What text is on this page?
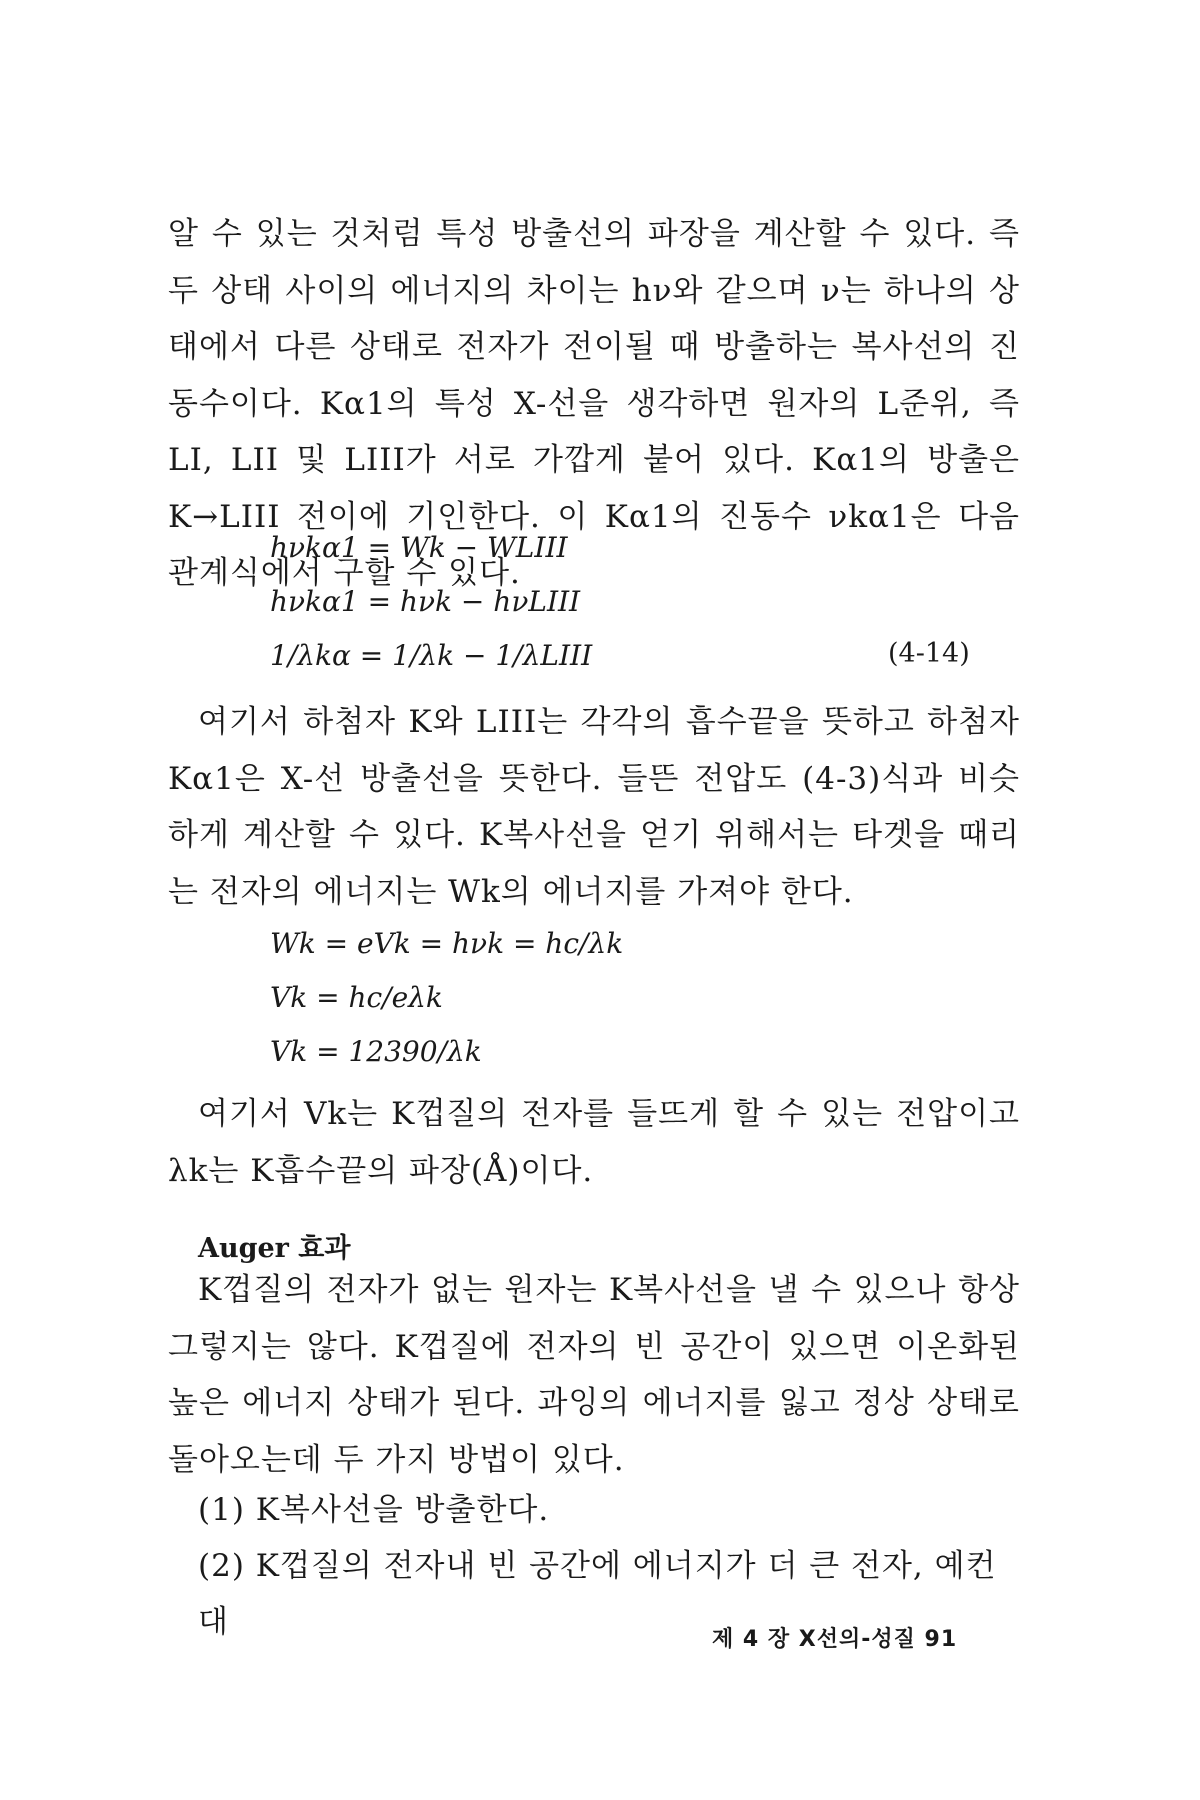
알 수 있는 것처럼 특성 방출선의 파장을 계산할 수 있다. 즉 두 상태 사이의 에너지의 차이는 hν와 같으며 ν는 하나의 상태에서 다른 상태로 전자가 전이될 때 방출하는 복사선의 진동수이다. Kα1의 특성 X-선을 생각하면 원자의 L준위, 즉 LI, LII 및 LIII가 서로 가깝게 붙어 있다. Kα1의 방출은 K→LIII 전이에 기인한다. 이 Kα1의 진동수 νkα1은 다음 관계식에서 구할 수 있다.

hνkα1 = Wk − WLIII
hνkα1 = hνk − hνLIII
1/λkα = 1/λk − 1/λLIII	(4-14)

여기서 하첨자 K와 LIII는 각각의 흡수끝을 뜻하고 하첨자 Kα1은 X-선 방출선을 뜻한다. 들뜬 전압도 (4-3)식과 비슷하게 계산할 수 있다. K복사선을 얻기 위해서는 타겟을 때리는 전자의 에너지는 Wk의 에너지를 가져야 한다.

Wk = eVk = hνk = hc/λk
Vk = hc/eλk
Vk = 12390/λk

여기서 Vk는 K껍질의 전자를 들뜨게 할 수 있는 전압이고 λk는 K흡수끝의 파장(Å)이다.

Auger 효과

K껍질의 전자가 없는 원자는 K복사선을 낼 수 있으나 항상 그렇지는 않다. K껍질에 전자의 빈 공간이 있으면 이온화된 높은 에너지 상태가 된다. 과잉의 에너지를 잃고 정상 상태로 돌아오는데 두 가지 방법이 있다.

(1) K복사선을 방출한다.
(2) K껍질의 전자내 빈 공간에 에너지가 더 큰 전자, 예컨대	제 4 장 X선의-성질 91
